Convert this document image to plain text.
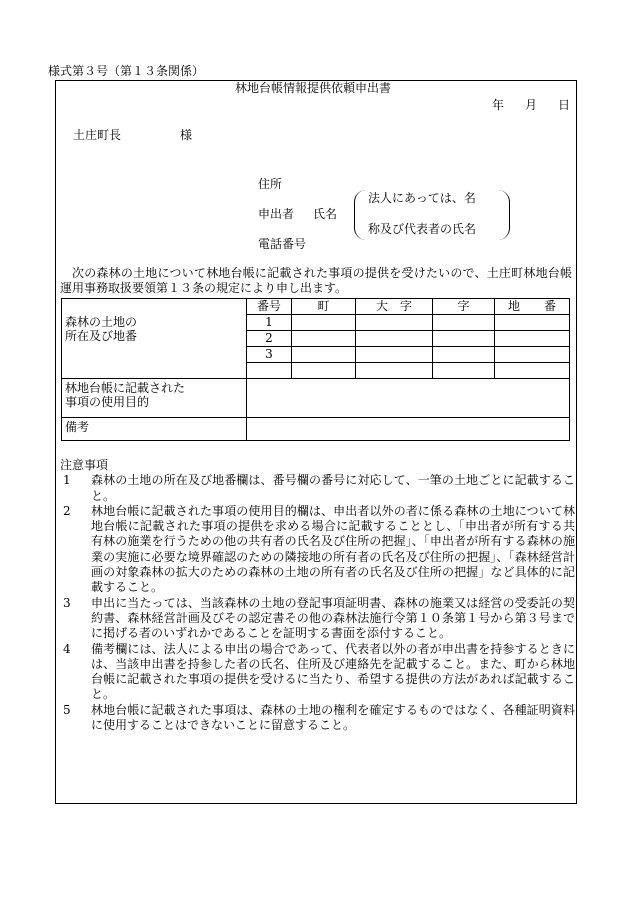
様式第３号（第１３条関係）
林地台帳情報提供依頼申出書
年 月 日
土庄町長	様
住所
申出者 氏名
電話番号
法人にあっては、名
称及び代表者の氏名
次の森林の土地について林地台帳に記載された事項の提供を受けたいので、土庄町林地台帳運用事務取扱要領第１３条の規定により申し出ます。
森林の土地の
所在及び地番	番号	町	大　字	字	地　　番
	1				
	2				
	3				

林地台帳に記載された
事項の使用目的					

備考					
注意事項
1	森林の土地の所在及び地番欄は、番号欄の番号に対応して、一筆の土地ごとに記載すること。
2	林地台帳に記載された事項の使用目的欄は、申出者以外の者に係る森林の土地について林地台帳に記載された事項の提供を求める場合に記載することとし、「申出者が所有する共有林の施業を行うための他の共有者の氏名及び住所の把握」、「申出者が所有する森林の施業の実施に必要な境界確認のための隣接地の所有者の氏名及び住所の把握」、「森林経営計画の対象森林の拡大のための森林の土地の所有者の氏名及び住所の把握」など具体的に記載すること。
3	申出に当たっては、当該森林の土地の登記事項証明書、森林の施業又は経営の受委託の契約書、森林経営計画及びその認定書その他の森林法施行令第１０条第１号から第３号までに掲げる者のいずれかであることを証明する書面を添付すること。
4	備考欄には、法人による申出の場合であって、代表者以外の者が申出書を持参するときには、当該申出書を持参した者の氏名、住所及び連絡先を記載すること。また、町から林地台帳に記載された事項の提供を受けるに当たり、希望する提供の方法があれば記載すること。
5	林地台帳に記載された事項は、森林の土地の権利を確定するものではなく、各種証明資料に使用することはできないことに留意すること。
